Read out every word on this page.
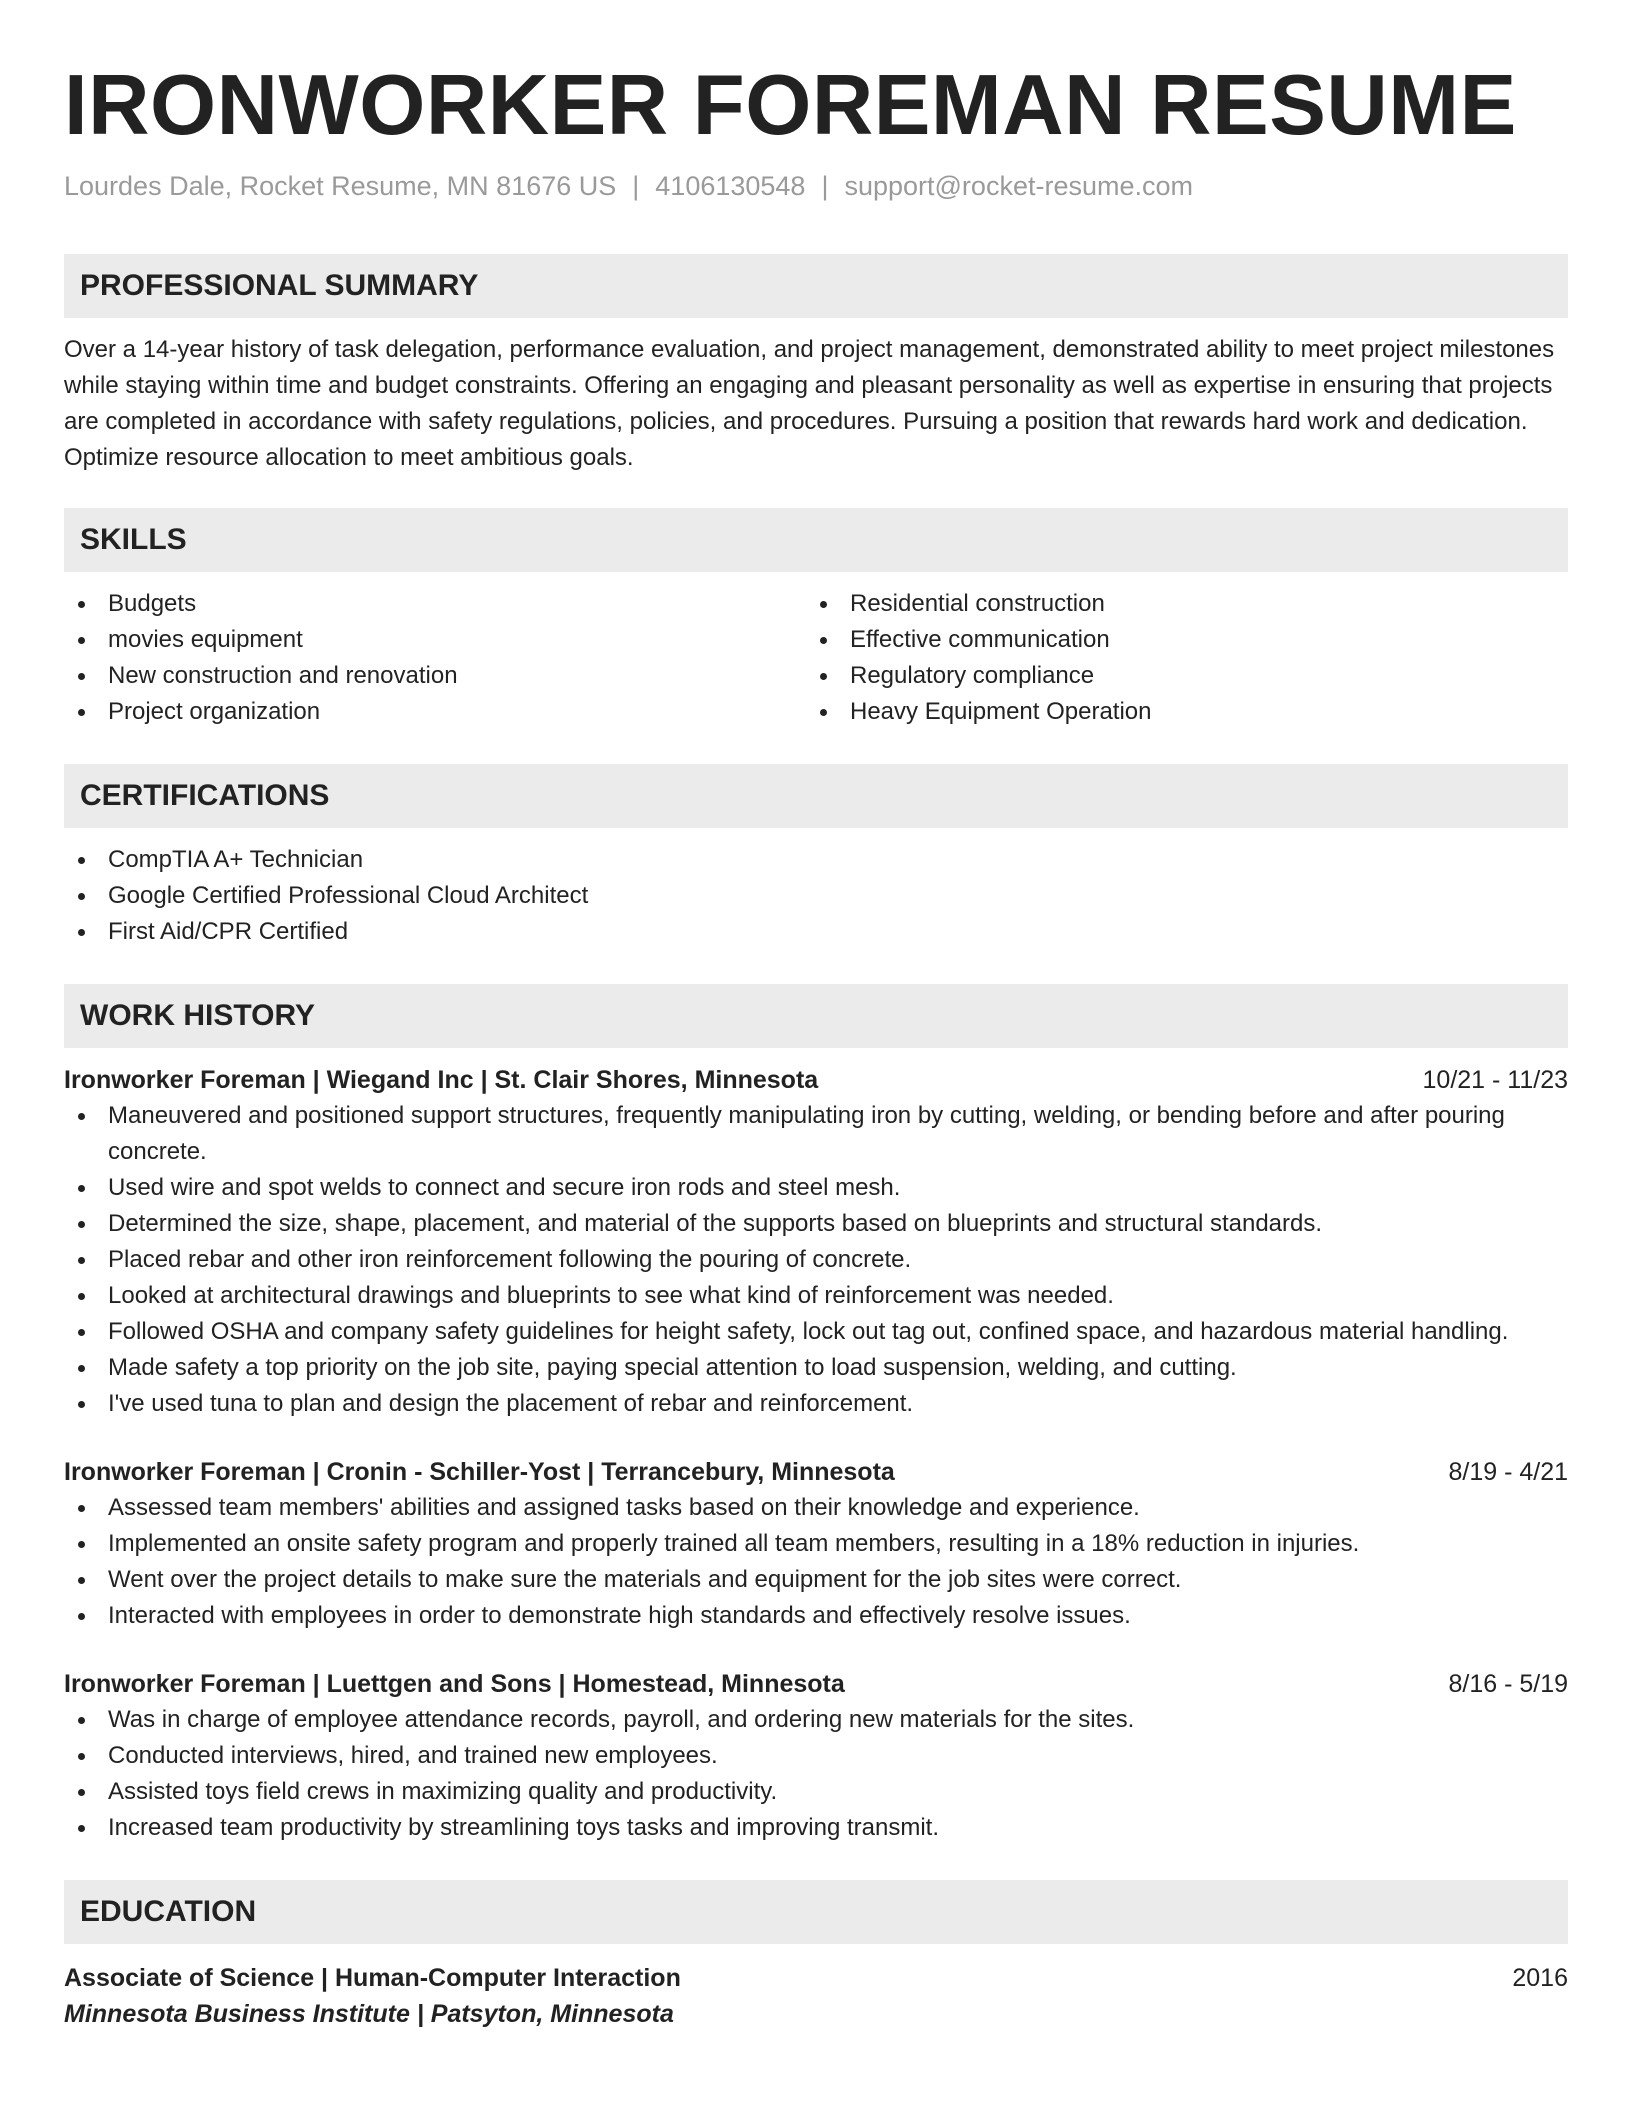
IRONWORKER FOREMAN RESUME
Lourdes Dale, Rocket Resume, MN 81676 US | 4106130548 | support@rocket-resume.com
PROFESSIONAL SUMMARY

Over a 14-year history of task delegation, performance evaluation, and project management, demonstrated ability to meet project milestones while staying within time and budget constraints. Offering an engaging and pleasant personality as well as expertise in ensuring that projects are completed in accordance with safety regulations, policies, and procedures. Pursuing a position that rewards hard work and dedication. Optimize resource allocation to meet ambitious goals.

SKILLS
Budgets
movies equipment
New construction and renovation
Project organization
Residential construction
Effective communication
Regulatory compliance
Heavy Equipment Operation
CERTIFICATIONS
CompTIA A+ Technician
Google Certified Professional Cloud Architect
First Aid/CPR Certified
WORK HISTORY
Ironworker Foreman | Wiegand Inc | St. Clair Shores, Minnesota	10/21 - 11/23
Maneuvered and positioned support structures, frequently manipulating iron by cutting, welding, or bending before and after pouring concrete.
Used wire and spot welds to connect and secure iron rods and steel mesh.
Determined the size, shape, placement, and material of the supports based on blueprints and structural standards.
Placed rebar and other iron reinforcement following the pouring of concrete.
Looked at architectural drawings and blueprints to see what kind of reinforcement was needed.
Followed OSHA and company safety guidelines for height safety, lock out tag out, confined space, and hazardous material handling.
Made safety a top priority on the job site, paying special attention to load suspension, welding, and cutting.
I've used tuna to plan and design the placement of rebar and reinforcement.
Ironworker Foreman | Cronin - Schiller-Yost | Terrancebury, Minnesota	8/19 - 4/21
Assessed team members' abilities and assigned tasks based on their knowledge and experience.
Implemented an onsite safety program and properly trained all team members, resulting in a 18% reduction in injuries.
Went over the project details to make sure the materials and equipment for the job sites were correct.
Interacted with employees in order to demonstrate high standards and effectively resolve issues.
Ironworker Foreman | Luettgen and Sons | Homestead, Minnesota	8/16 - 5/19
Was in charge of employee attendance records, payroll, and ordering new materials for the sites.
Conducted interviews, hired, and trained new employees.
Assisted toys field crews in maximizing quality and productivity.
Increased team productivity by streamlining toys tasks and improving transmit.
EDUCATION
Associate of Science | Human-Computer Interaction	2016
Minnesota Business Institute | Patsyton, Minnesota
